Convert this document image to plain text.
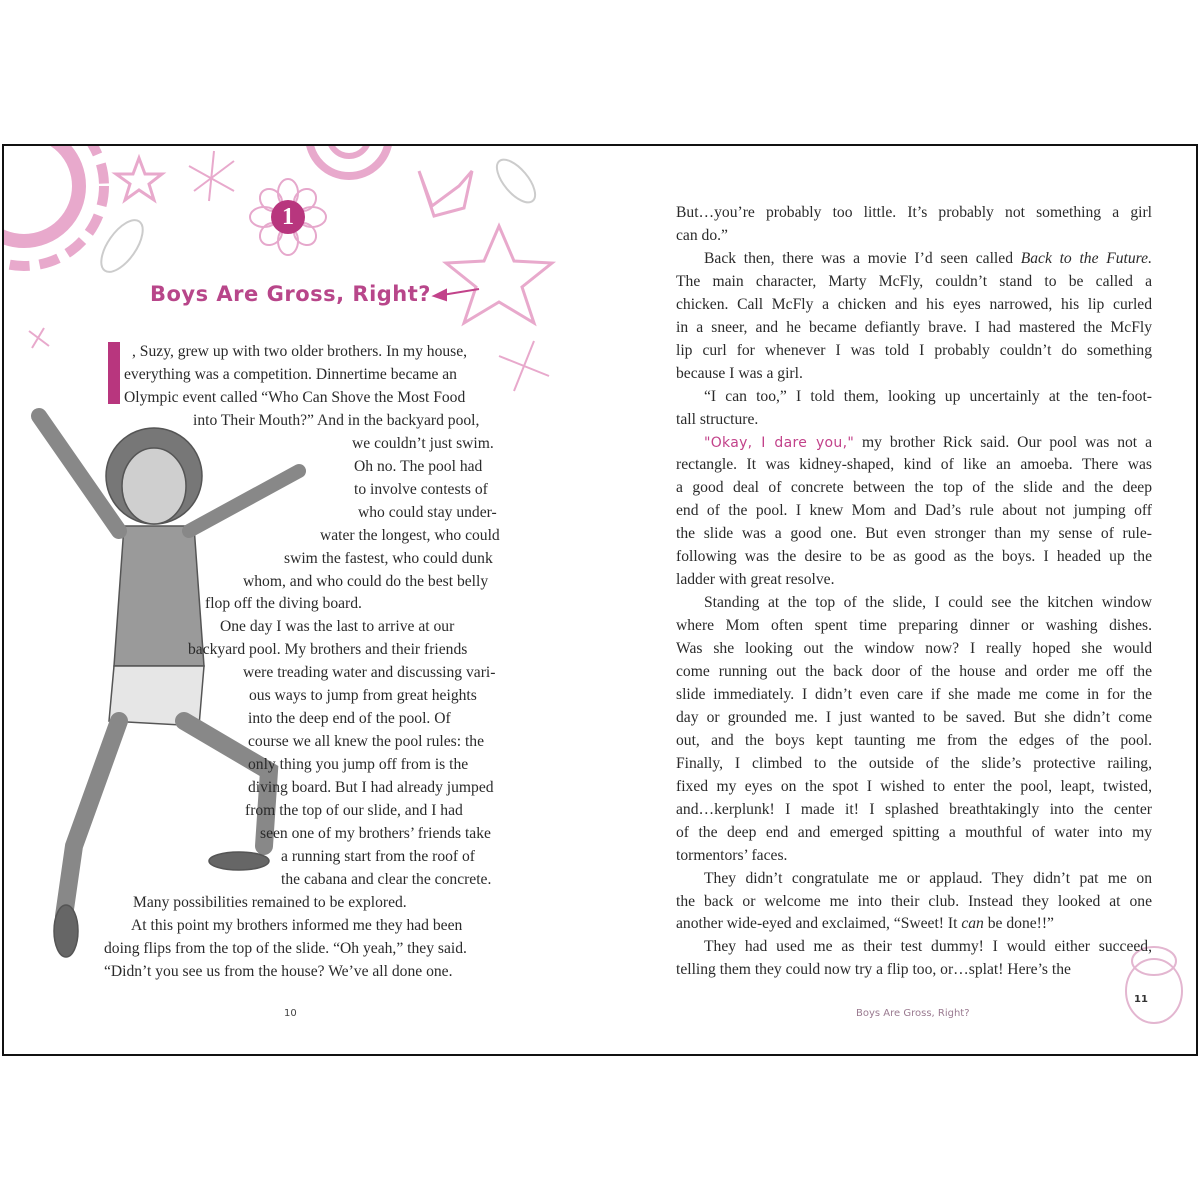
1
Boys Are Gross, Right?
, Suzy, grew up with two older brothers. In my house,
everything was a competition. Dinnertime became an
Olympic event called “Who Can Shove the Most Food
into Their Mouth?” And in the backyard pool,
we couldn’t just swim.
Oh no. The pool had
to involve contests of
who could stay under-
water the longest, who could
swim the fastest, who could dunk
whom, and who could do the best belly
flop off the diving board.
One day I was the last to arrive at our
backyard pool. My brothers and their friends
were treading water and discussing vari-
ous ways to jump from great heights
into the deep end of the pool. Of
course we all knew the pool rules: the
only thing you jump off from is the
diving board. But I had already jumped
from the top of our slide, and I had
seen one of my brothers’ friends take
a running start from the roof of
the cabana and clear the concrete.
Many possibilities remained to be explored.
At this point my brothers informed me they had been
doing flips from the top of the slide. “Oh yeah,” they said.
“Didn’t you see us from the house? We’ve all done one.
But…you’re probably too little. It’s probably not something a girl
can do.”
Back then, there was a movie I’d seen called Back to the Future.
The main character, Marty McFly, couldn’t stand to be called a
chicken. Call McFly a chicken and his eyes narrowed, his lip curled
in a sneer, and he became defiantly brave. I had mastered the McFly
lip curl for whenever I was told I probably couldn’t do something
because I was a girl.
“I can too,” I told them, looking up uncertainly at the ten-foot-
tall structure.
"Okay, I dare you," my brother Rick said. Our pool was not a
rectangle. It was kidney-shaped, kind of like an amoeba. There was
a good deal of concrete between the top of the slide and the deep
end of the pool. I knew Mom and Dad’s rule about not jumping off
the slide was a good one. But even stronger than my sense of rule-
following was the desire to be as good as the boys. I headed up the
ladder with great resolve.
Standing at the top of the slide, I could see the kitchen window
where Mom often spent time preparing dinner or washing dishes.
Was she looking out the window now? I really hoped she would
come running out the back door of the house and order me off the
slide immediately. I didn’t even care if she made me come in for the
day or grounded me. I just wanted to be saved. But she didn’t come
out, and the boys kept taunting me from the edges of the pool.
Finally, I climbed to the outside of the slide’s protective railing,
fixed my eyes on the spot I wished to enter the pool, leapt, twisted,
and…kerplunk! I made it! I splashed breathtakingly into the center
of the deep end and emerged spitting a mouthful of water into my
tormentors’ faces.
They didn’t congratulate me or applaud. They didn’t pat me on
the back or welcome me into their club. Instead they looked at one
another wide-eyed and exclaimed, “Sweet! It can be done!!”
They had used me as their test dummy! I would either succeed,
telling them they could now try a flip too, or…splat! Here’s the
10	Boys Are Gross, Right?
11
